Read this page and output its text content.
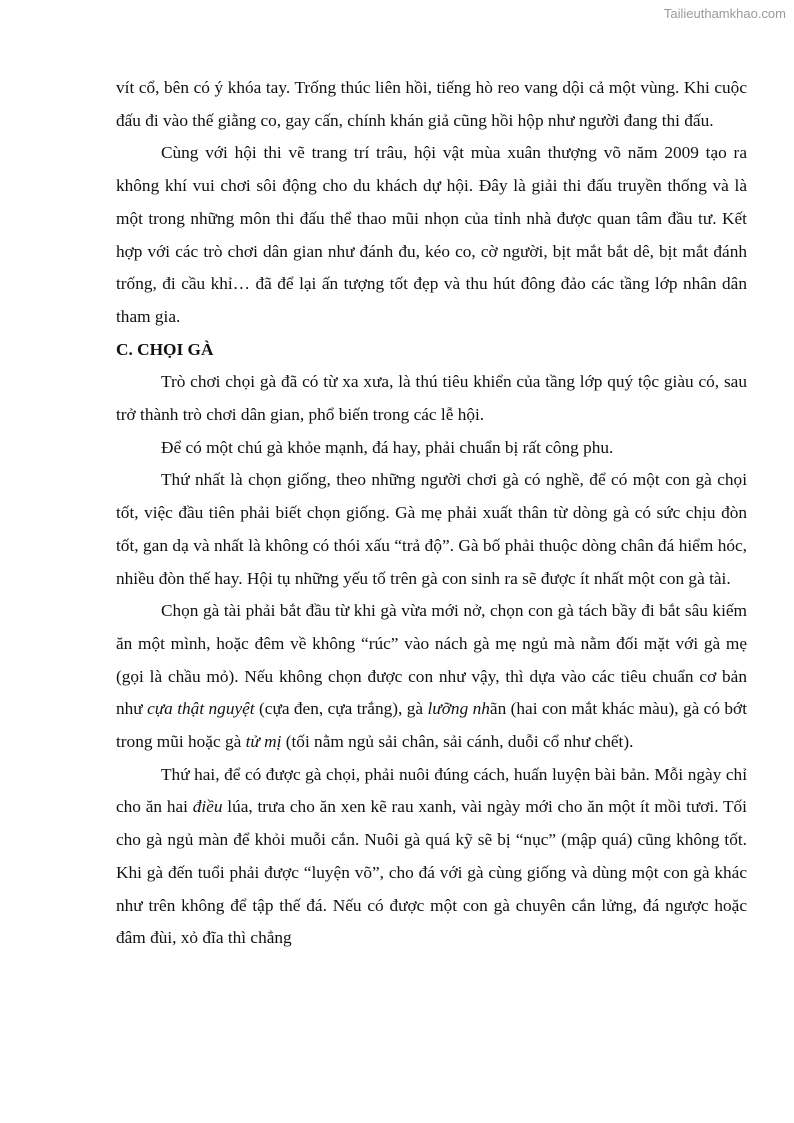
Tailieuthamkhao.com

vít cổ, bên có ý khóa tay. Trống thúc liên hồi, tiếng hò reo vang dội cả một vùng. Khi cuộc đấu đi vào thế giằng co, gay cấn, chính khán giả cũng hồi hộp như người đang thi đấu.

Cùng với hội thi vẽ trang trí trâu, hội vật mùa xuân thượng võ năm 2009 tạo ra không khí vui chơi sôi động cho du khách dự hội. Đây là giải thi đấu truyền thống và là một trong những môn thi đấu thể thao mũi nhọn của tỉnh nhà được quan tâm đầu tư. Kết hợp với các trò chơi dân gian như đánh đu, kéo co, cờ người, bịt mắt bắt dê, bịt mắt đánh trống, đi cầu khỉ… đã để lại ấn tượng tốt đẹp và thu hút đông đảo các tầng lớp nhân dân tham gia.

C. CHỌI GÀ

Trò chơi chọi gà đã có từ xa xưa, là thú tiêu khiển của tầng lớp quý tộc giàu có, sau trở thành trò chơi dân gian, phổ biến trong các lễ hội.

Để có một chú gà khỏe mạnh, đá hay, phải chuẩn bị rất công phu.

Thứ nhất là chọn giống, theo những người chơi gà có nghề, để có một con gà chọi tốt, việc đầu tiên phải biết chọn giống. Gà mẹ phải xuất thân từ dòng gà có sức chịu đòn tốt, gan dạ và nhất là không có thói xấu “trả độ”. Gà bố phải thuộc dòng chân đá hiểm hóc, nhiều đòn thế hay. Hội tụ những yếu tố trên gà con sinh ra sẽ được ít nhất một con gà tài.

Chọn gà tài phải bắt đầu từ khi gà vừa mới nở, chọn con gà tách bầy đi bắt sâu kiếm ăn một mình, hoặc đêm về không “rúc” vào nách gà mẹ ngủ mà nằm đối mặt với gà mẹ (gọi là chầu mỏ). Nếu không chọn được con như vậy, thì dựa vào các tiêu chuẩn cơ bản như cựa thật nguyệt (cựa đen, cựa trắng), gà lưỡng nhãn (hai con mắt khác màu), gà có bớt trong mũi hoặc gà tử mị (tối nằm ngủ sải chân, sải cánh, duỗi cổ như chết).

Thứ hai, để có được gà chọi, phải nuôi đúng cách, huấn luyện bài bản. Mỗi ngày chỉ cho ăn hai điều lúa, trưa cho ăn xen kẽ rau xanh, vài ngày mới cho ăn một ít mồi tươi. Tối cho gà ngủ màn để khỏi muỗi cắn. Nuôi gà quá kỹ sẽ bị “nục” (mập quá) cũng không tốt. Khi gà đến tuổi phải được “luyện võ”, cho đá với gà cùng giống và dùng một con gà khác như trên không để tập thế đá. Nếu có được một con gà chuyên cắn lửng, đá ngược hoặc đâm đùi, xỏ đĩa thì chẳng
